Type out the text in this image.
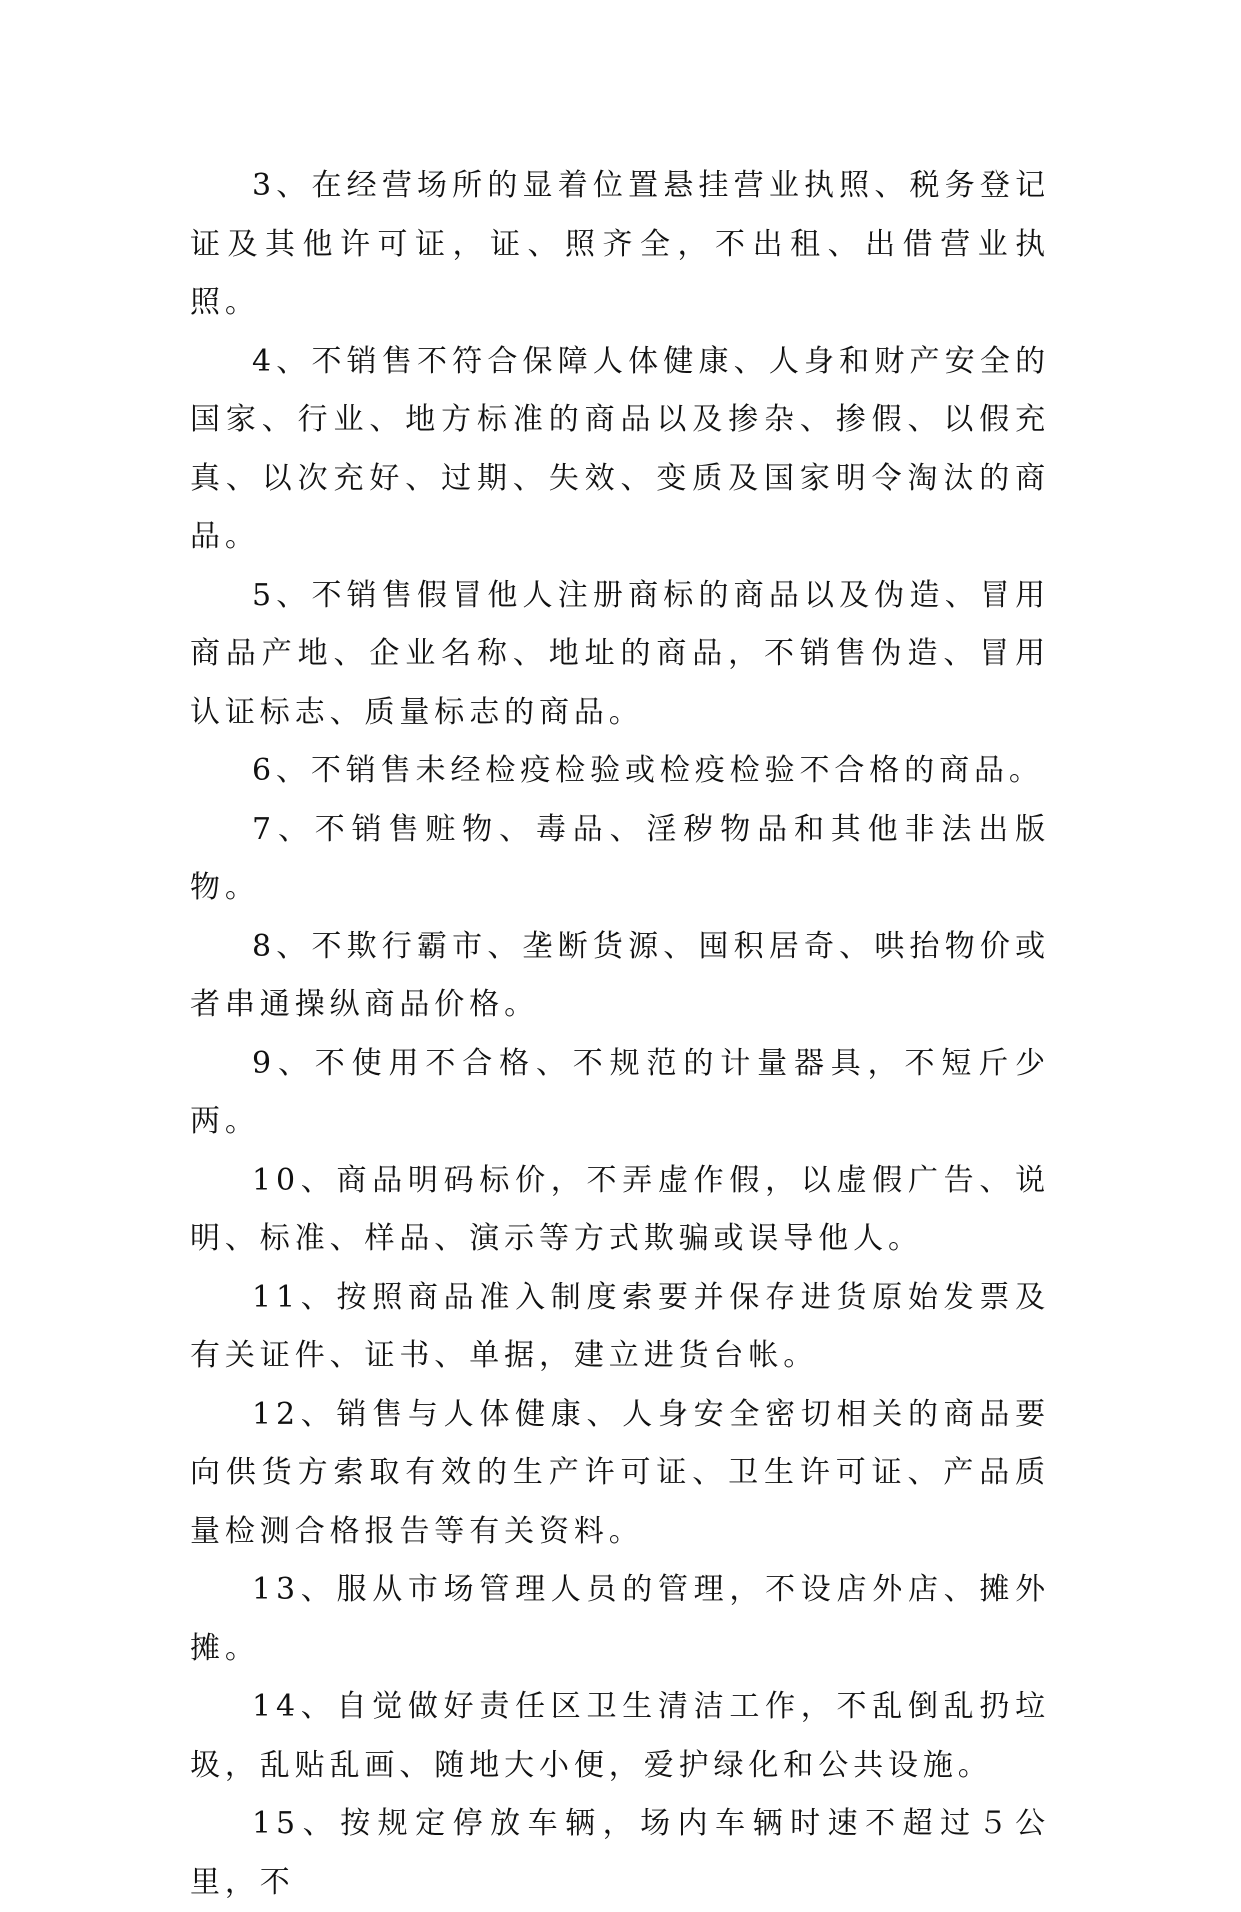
3、在经营场所的显着位置悬挂营业执照、税务登记证及其他许可证，证、照齐全，不出租、出借营业执照。

4、不销售不符合保障人体健康、人身和财产安全的国家、行业、地方标准的商品以及掺杂、掺假、以假充真、以次充好、过期、失效、变质及国家明令淘汰的商品。

5、不销售假冒他人注册商标的商品以及伪造、冒用商品产地、企业名称、地址的商品，不销售伪造、冒用认证标志、质量标志的商品。

6、不销售未经检疫检验或检疫检验不合格的商品。

7、不销售赃物、毒品、淫秽物品和其他非法出版物。

8、不欺行霸市、垄断货源、囤积居奇、哄抬物价或者串通操纵商品价格。

9、不使用不合格、不规范的计量器具，不短斤少两。

10、商品明码标价，不弄虚作假，以虚假广告、说明、标准、样品、演示等方式欺骗或误导他人。

11、按照商品准入制度索要并保存进货原始发票及有关证件、证书、单据，建立进货台帐。

12、销售与人体健康、人身安全密切相关的商品要向供货方索取有效的生产许可证、卫生许可证、产品质量检测合格报告等有关资料。

13、服从市场管理人员的管理，不设店外店、摊外摊。

14、自觉做好责任区卫生清洁工作，不乱倒乱扔垃圾，乱贴乱画、随地大小便，爱护绿化和公共设施。

15、按规定停放车辆，场内车辆时速不超过５公里，不
